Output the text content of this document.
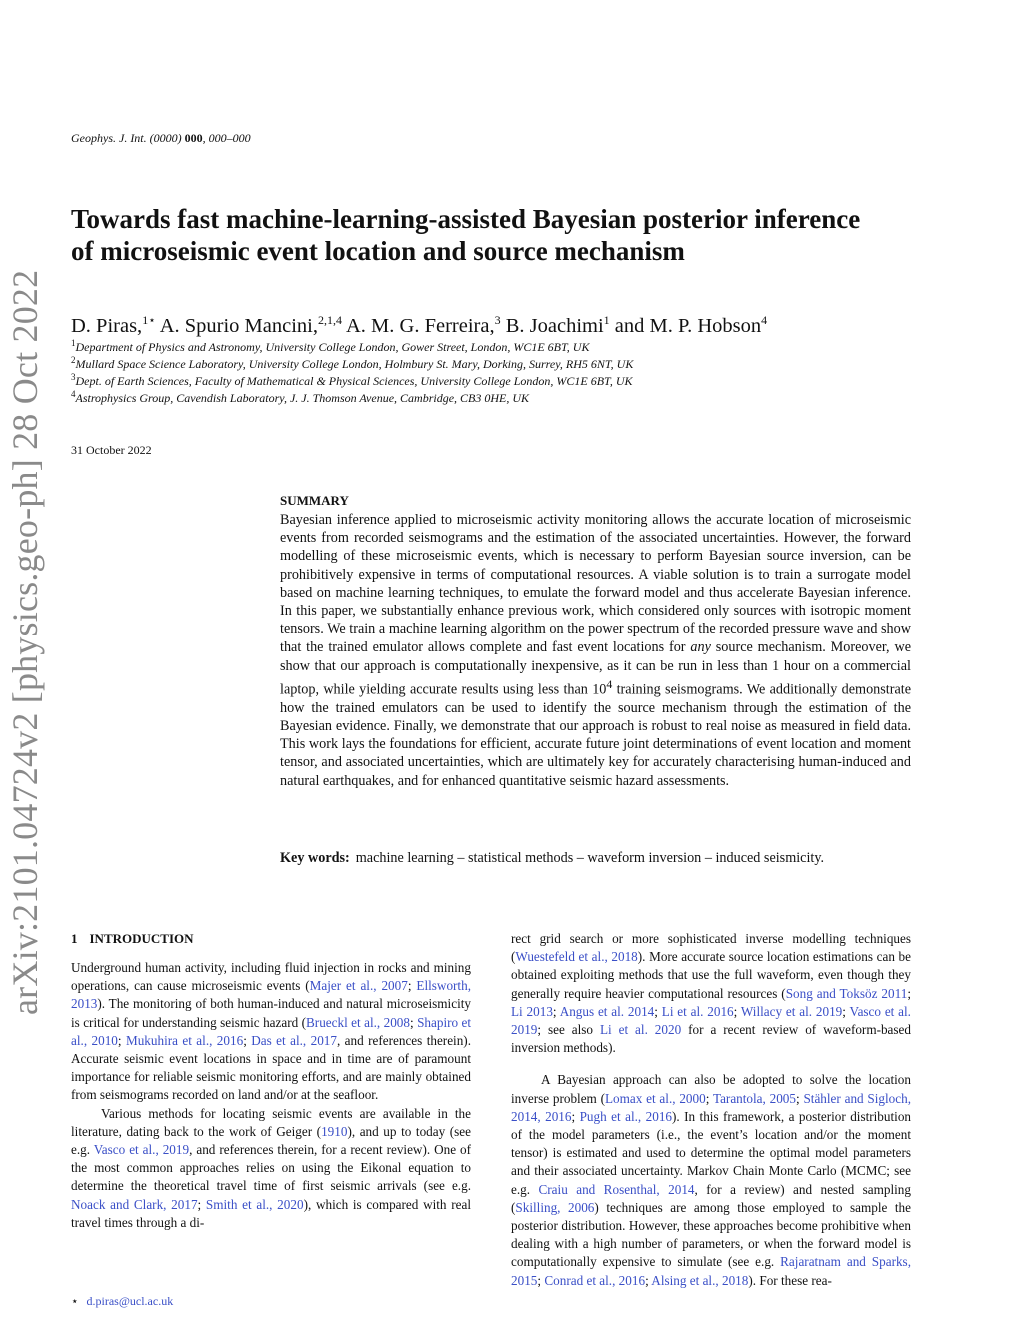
Geophys. J. Int. (0000) 000, 000–000
Towards fast machine-learning-assisted Bayesian posterior inference
of microseismic event location and source mechanism
D. Piras,$^{1⋆}$ A. Spurio Mancini,$^{2,1,4}$ A. M. G. Ferreira,$^3$ B. Joachimi$^1$ and M. P. Hobson$^4$
$^1$Department of Physics and Astronomy, University College London, Gower Street, London, WC1E 6BT, UK
$^2$Mullard Space Science Laboratory, University College London, Holmbury St. Mary, Dorking, Surrey, RH5 6NT, UK
$^3$Dept. of Earth Sciences, Faculty of Mathematical & Physical Sciences, University College London, WC1E 6BT, UK
$^4$Astrophysics Group, Cavendish Laboratory, J. J. Thomson Avenue, Cambridge, CB3 0HE, UK
31 October 2022
SUMMARY
Bayesian inference applied to microseismic activity monitoring allows the accurate location of microseismic events from recorded seismograms and the estimation of the associated uncertainties. However, the forward modelling of these microseismic events, which is necessary to perform Bayesian source inversion, can be prohibitively expensive in terms of computational resources. A viable solution is to train a surrogate model based on machine learning techniques, to emulate the forward model and thus accelerate Bayesian inference. In this paper, we substantially enhance previous work, which considered only sources with isotropic moment tensors. We train a machine learning algorithm on the power spectrum of the recorded pressure wave and show that the trained emulator allows complete and fast event locations for any source mechanism. Moreover, we show that our approach is computationally inexpensive, as it can be run in less than 1 hour on a commercial laptop, while yielding accurate results using less than $10^4$ training seismograms. We additionally demonstrate how the trained emulators can be used to identify the source mechanism through the estimation of the Bayesian evidence. Finally, we demonstrate that our approach is robust to real noise as measured in field data. This work lays the foundations for efficient, accurate future joint determinations of event location and moment tensor, and associated uncertainties, which are ultimately key for accurately characterising human-induced and natural earthquakes, and for enhanced quantitative seismic hazard assessments.
Key words: machine learning – statistical methods – waveform inversion – induced seismicity.
1 INTRODUCTION

Underground human activity, including fluid injection in rocks and mining operations, can cause microseismic events (Majer et al., 2007; Ellsworth, 2013). The monitoring of both human-induced and natural microseismicity is critical for understanding seismic hazard (Brueckl et al., 2008; Shapiro et al., 2010; Mukuhira et al., 2016; Das et al., 2017, and references therein). Accurate seismic event locations in space and in time are of paramount importance for reliable seismic monitoring efforts, and are mainly obtained from seismograms recorded on land and/or at the seafloor.

Various methods for locating seismic events are available in the literature, dating back to the work of Geiger (1910), and up to today (see e.g. Vasco et al., 2019, and references therein, for a recent review). One of the most common approaches relies on using the Eikonal equation to determine the theoretical travel time of first seismic arrivals (see e.g. Noack and Clark, 2017; Smith et al., 2020), which is compared with real travel times through a di-

rect grid search or more sophisticated inverse modelling techniques (Wuestefeld et al., 2018). More accurate source location estimations can be obtained exploiting methods that use the full waveform, even though they generally require heavier computational resources (Song and Toksöz 2011; Li 2013; Angus et al. 2014; Li et al. 2016; Willacy et al. 2019; Vasco et al. 2019; see also Li et al. 2020 for a recent review of waveform-based inversion methods).

A Bayesian approach can also be adopted to solve the location inverse problem (Lomax et al., 2000; Tarantola, 2005; Stähler and Sigloch, 2014, 2016; Pugh et al., 2016). In this framework, a posterior distribution of the model parameters (i.e., the event’s location and/or the moment tensor) is estimated and used to determine the optimal model parameters and their associated uncertainty. Markov Chain Monte Carlo (MCMC; see e.g. Craiu and Rosenthal, 2014, for a review) and nested sampling (Skilling, 2006) techniques are among those employed to sample the posterior distribution. However, these approaches become prohibitive when dealing with a high number of parameters, or when the forward model is computationally expensive to simulate (see e.g. Rajaratnam and Sparks, 2015; Conrad et al., 2016; Alsing et al., 2018). For these rea-

⋆ d.piras@ucl.ac.uk
arXiv:2101.04724v2 [physics.geo-ph] 28 Oct 2022
